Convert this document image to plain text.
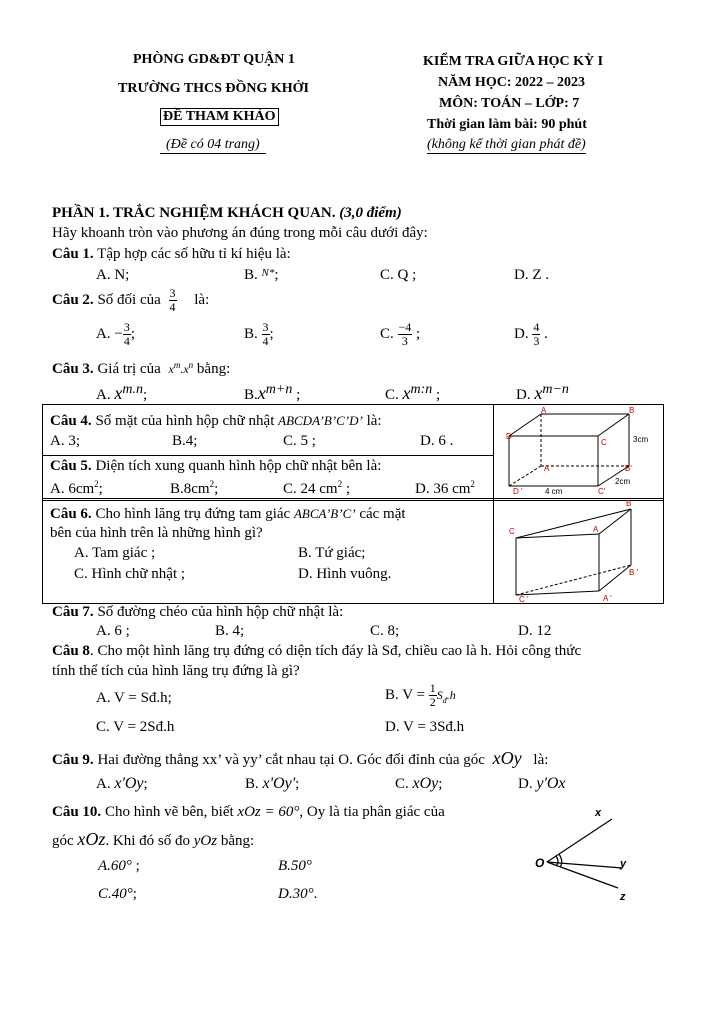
PHÒNG GD&ĐT QUẬN 1
TRƯỜNG THCS ĐỒNG KHỞI
ĐỀ THAM KHẢO
(Đề có 04 trang)
KIỂM TRA GIỮA HỌC KỲ I
NĂM HỌC: 2022 – 2023
MÔN: TOÁN – LỚP: 7
Thời gian làm bài: 90 phút
(không kể thời gian phát đề)
PHẦN 1. TRẮC NGHIỆM KHÁCH QUAN. (3,0 điểm)
Hãy khoanh tròn vào phương án đúng trong mỗi câu dưới đây:
Câu 1. Tập hợp các số hữu tỉ kí hiệu là:
A. N;	B. $^{N*}$;	C. Q ;	D. Z .
Câu 2. Số đối của $\frac{3}{4}$ là:
A. − $\frac{3}{4}$ ;	B. $\frac{3}{4}$ ;	C. $\frac{-4}{3}$ ;	D. $\frac{4}{3}$ .
Câu 3. Giá trị của $x^m.x^n$ bằng:
A. $x^{m.n}$;	$B.x^{m+n}$ ;	C. $x^{m:n}$ ;	D. $x^{m-n}$
Câu 4. Số mặt của hình hộp chữ nhật ABCDA’B’C’D’ là:
A. 3;	B.4;	C. 5 ;	D. 6 .
Câu 5. Diện tích xung quanh hình hộp chữ nhật bên là:
A. $6cm^2$;	$B.8cm^2$;	C. 24 $cm^2$ ;	D. 36 $cm^2$
A	B
C
D
A '	B'
C'
D '
3cm
2cm
4 cm
Câu 6. Cho hình lăng trụ đứng tam giác ABCA’B’C’ các mặt
bên của hình trên là những hình gì?
A. Tam giác ;	B. Tứ giác;
C. Hình chữ nhật ;	D. Hình vuông.
C	A
B
A '
B '
C '
Câu 7. Số đường chéo của hình hộp chữ nhật là:
A. 6 ;	B. 4;	C. 8;	D. 12
Câu 8. Cho một hình lăng trụ đứng có diện tích đáy là Sđ, chiều cao là h. Hỏi công thức
tính thể tích của hình lăng trụ đứng là gì?
A. V = Sđ.h;	B. $V = \frac{1}{2} S_đ.h$
C. V = 2Sđ.h	D. V = 3Sđ.h
Câu 9. Hai đường thẳng xx’ và yy’ cắt nhau tại O. Góc đối đỉnh của góc xOy là:
A. x'Oy;	B. x'Oy';	C. xOy;	D. y'Ox
Câu 10. Cho hình vẽ bên, biết xOz = 60°, Oy là tia phân giác của
góc xOz. Khi đó số đo yOz bằng:
A.60° ;	B.50°
C.40°;	D.30°.
O
x
y
z
